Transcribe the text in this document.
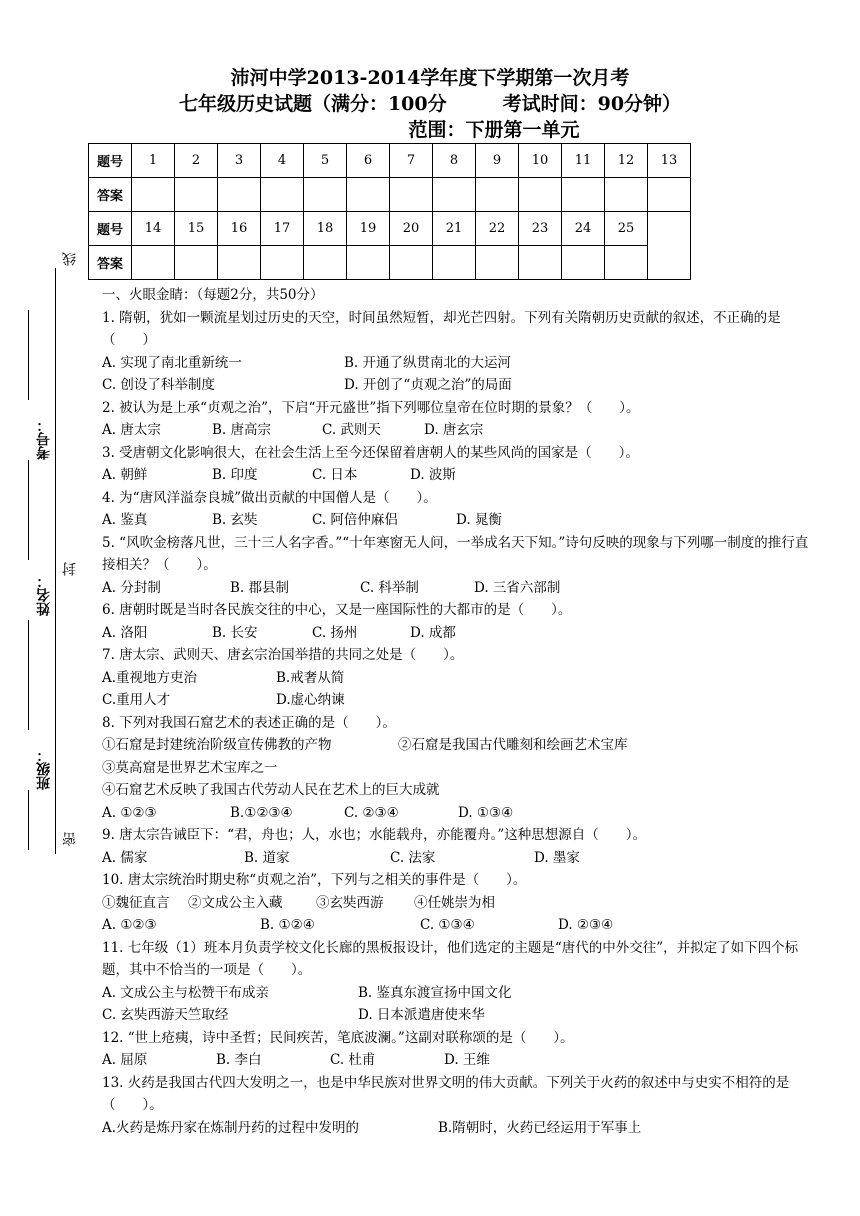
沛河中学2013-2014学年度下学期第一次月考
七年级历史试题（满分：100分	考试时间：90分钟）
范围：下册第一单元
题号	1	2	3	4	5	6	7	8	9	10	11	12	13
答案													
题号	14	15	16	17	18	19	20	21	22	23	24	25	
答案													
线
封
密
考号：
姓名：
班级：

一、火眼金睛：（每题2分，共50分）

1. 隋朝，犹如一颗流星划过历史的天空，时间虽然短暂，却光芒四射。下列有关隋朝历史贡献的叙述，不正确的是（　　）

A. 实现了南北重新统一	B. 开通了纵贯南北的大运河

C. 创设了科举制度	D. 开创了“贞观之治”的局面

2. 被认为是上承“贞观之治”，下启“开元盛世”指下列哪位皇帝在位时期的景象？（　　）。

A. 唐太宗	B. 唐高宗	C. 武则天	D. 唐玄宗

3. 受唐朝文化影响很大，在社会生活上至今还保留着唐朝人的某些风尚的国家是（　　）。

A. 朝鲜	B. 印度	C. 日本	D. 波斯

4. 为“唐风洋溢奈良城”做出贡献的中国僧人是（　　）。

A. 鉴真	B. 玄奘	C. 阿倍仲麻侣	D. 晁衡

5. “风吹金榜落凡世，三十三人名字香。”“十年寒窗无人问，一举成名天下知。”诗句反映的现象与下列哪一制度的推行直接相关？（　　）。

A. 分封制	B. 郡县制	C. 科举制	D. 三省六部制

6. 唐朝时既是当时各民族交往的中心，又是一座国际性的大都市的是（　　）。

A. 洛阳	B. 长安	C. 扬州	D. 成都

7. 唐太宗、武则天、唐玄宗治国举措的共同之处是（　　）。

A.重视地方吏治	B.戒奢从简

C.重用人才	D.虚心纳谏

8. 下列对我国石窟艺术的表述正确的是（　　）。

①石窟是封建统治阶级宣传佛教的产物	②石窟是我国古代雕刻和绘画艺术宝库

③莫高窟是世界艺术宝库之一

④石窟艺术反映了我国古代劳动人民在艺术上的巨大成就

A. ①②③	B.①②③④	C. ②③④	D. ①③④

9. 唐太宗告诫臣下：“君，舟也；人，水也；水能载舟，亦能覆舟。”这种思想源自（　　）。

A. 儒家	B. 道家	C. 法家	D. 墨家

10. 唐太宗统治时期史称“贞观之治”，下列与之相关的事件是（　　）。

①魏征直言 ②文成公主入藏 ③玄奘西游 ④任姚崇为相

A. ①②③	B. ①②④	C. ①③④	D. ②③④

11. 七年级（1）班本月负责学校文化长廊的黑板报设计，他们选定的主题是“唐代的中外交往”，并拟定了如下四个标题，其中不恰当的一项是（　　）。

A. 文成公主与松赞干布成亲	B. 鉴真东渡宣扬中国文化

C. 玄奘西游天竺取经	D. 日本派遣唐使来华

12. “世上疮痍，诗中圣哲；民间疾苦，笔底波澜。”这副对联称颂的是（　　）。

A. 屈原	B. 李白	C. 杜甫	D. 王维

13. 火药是我国古代四大发明之一，也是中华民族对世界文明的伟大贡献。下列关于火药的叙述中与史实不相符的是（　　）。

A.火药是炼丹家在炼制丹药的过程中发明的	B.隋朝时，火药已经运用于军事上
